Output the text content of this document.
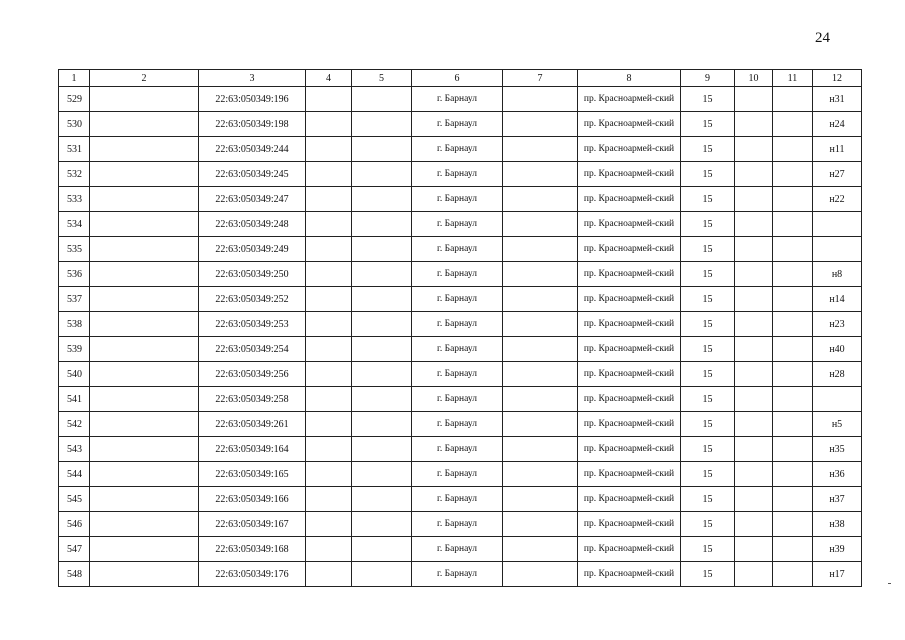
24
1	2	3	4	5	6	7	8	9	10	11	12
529		22:63:050349:196			г. Барнаул		пр. Красноармей-ский	15			н31
530		22:63:050349:198			г. Барнаул		пр. Красноармей-ский	15			н24
531		22:63:050349:244			г. Барнаул		пр. Красноармей-ский	15			н11
532		22:63:050349:245			г. Барнаул		пр. Красноармей-ский	15			н27
533		22:63:050349:247			г. Барнаул		пр. Красноармей-ский	15			н22
534		22:63:050349:248			г. Барнаул		пр. Красноармей-ский	15			
535		22:63:050349:249			г. Барнаул		пр. Красноармей-ский	15			
536		22:63:050349:250			г. Барнаул		пр. Красноармей-ский	15			н8
537		22:63:050349:252			г. Барнаул		пр. Красноармей-ский	15			н14
538		22:63:050349:253			г. Барнаул		пр. Красноармей-ский	15			н23
539		22:63:050349:254			г. Барнаул		пр. Красноармей-ский	15			н40
540		22:63:050349:256			г. Барнаул		пр. Красноармей-ский	15			н28
541		22:63:050349:258			г. Барнаул		пр. Красноармей-ский	15			
542		22:63:050349:261			г. Барнаул		пр. Красноармей-ский	15			н5
543		22:63:050349:164			г. Барнаул		пр. Красноармей-ский	15			н35
544		22:63:050349:165			г. Барнаул		пр. Красноармей-ский	15			н36
545		22:63:050349:166			г. Барнаул		пр. Красноармей-ский	15			н37
546		22:63:050349:167			г. Барнаул		пр. Красноармей-ский	15			н38
547		22:63:050349:168			г. Барнаул		пр. Красноармей-ский	15			н39
548		22:63:050349:176			г. Барнаул		пр. Красноармей-ский	15			н17
